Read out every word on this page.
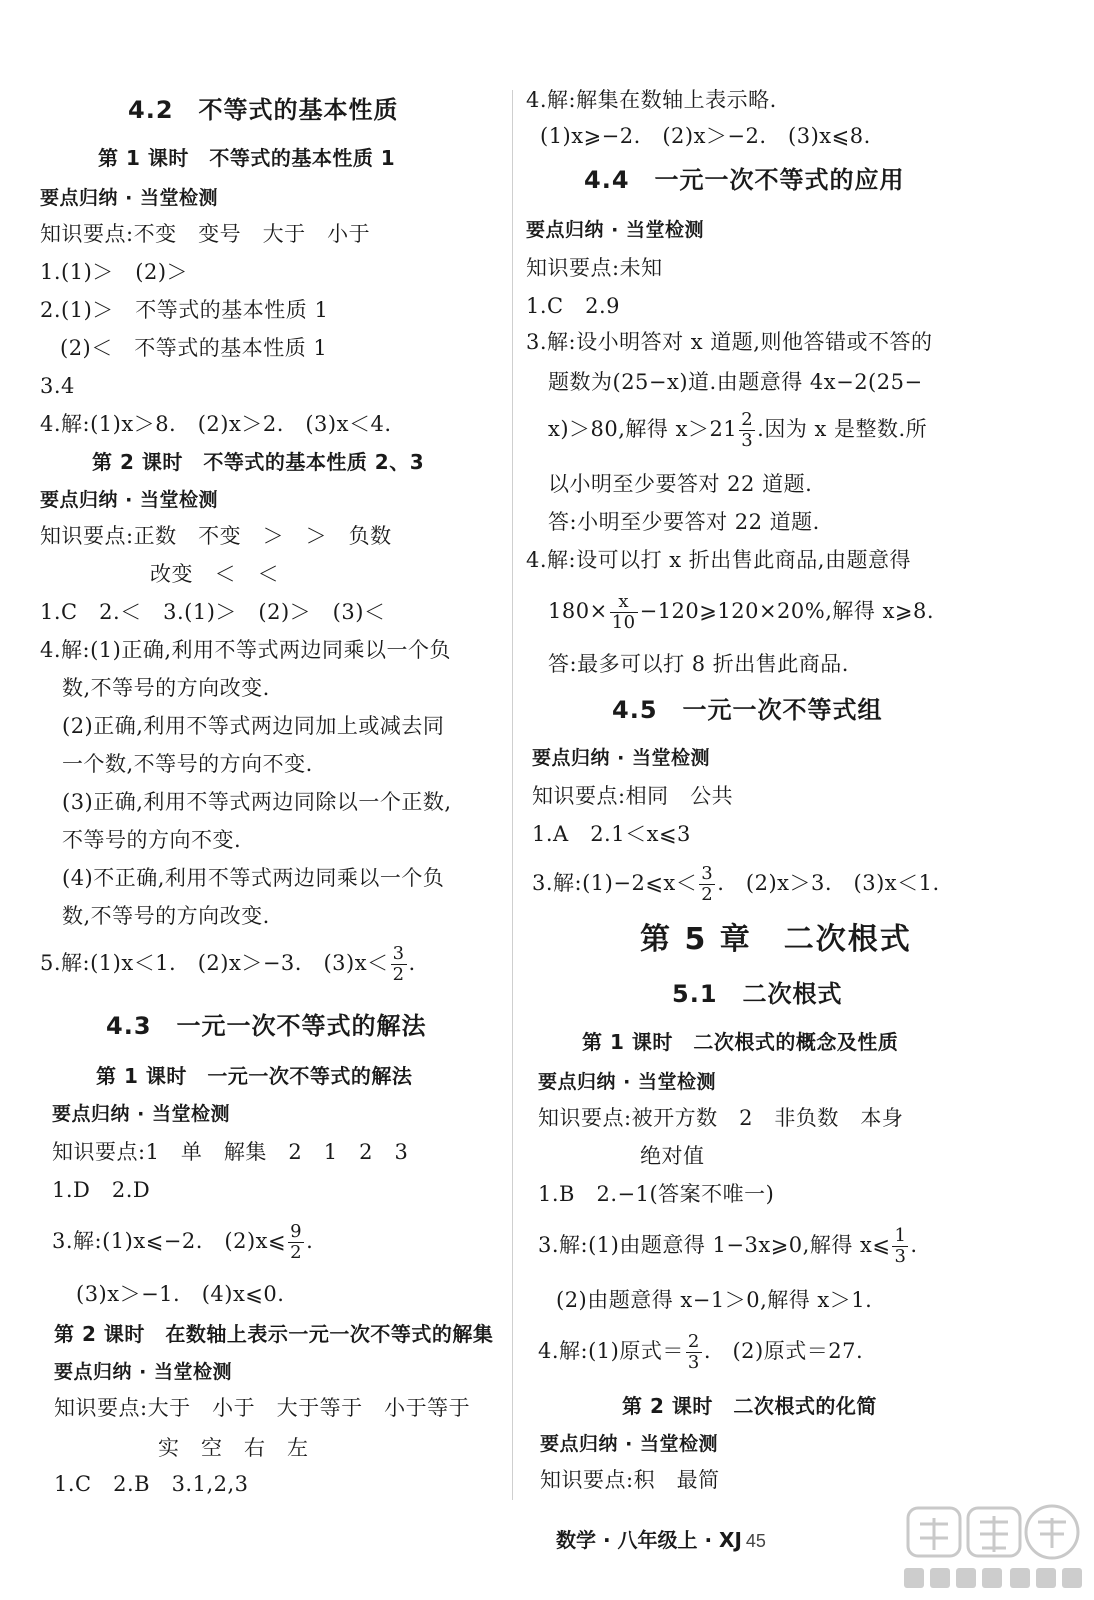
4.2　不等式的基本性质
第 1 课时　不等式的基本性质 1
要点归纳 · 当堂检测
知识要点:不变　变号　大于　小于
1.(1)＞　(2)＞
2.(1)＞　不等式的基本性质 1
(2)＜　不等式的基本性质 1
3.4
4.解:(1)x＞8.　(2)x＞2.　(3)x＜4.
第 2 课时　不等式的基本性质 2、3
要点归纳 · 当堂检测
知识要点:正数　不变　＞　＞　负数
改变　＜　＜
1.C　2.＜　3.(1)＞　(2)＞　(3)＜
4.解:(1)正确,利用不等式两边同乘以一个负
数,不等号的方向改变.
(2)正确,利用不等式两边同加上或减去同
一个数,不等号的方向不变.
(3)正确,利用不等式两边同除以一个正数,
不等号的方向不变.
(4)不正确,利用不等式两边同乘以一个负
数,不等号的方向改变.
5.解:(1)x＜1.　(2)x＞−3.　$(3)x< \frac{3}{2}$ .
4.3　一元一次不等式的解法
第 1 课时　一元一次不等式的解法
要点归纳 · 当堂检测
知识要点:1　单　解集　2　1　2　3
1.D　2.D
3.解:(1)x⩽−2.　(2)x⩽ $\frac{9}{2}$ .
(3)x＞−1.　(4)x⩽0.
第 2 课时　在数轴上表示一元一次不等式的解集
要点归纳 · 当堂检测
知识要点:大于　小于　大于等于　小于等于
实　空　右　左
1.C　2.B　3.1,2,3
4.解:解集在数轴上表示略.
(1)x⩾−2.　(2)x＞−2.　(3)x⩽8.
4.4　一元一次不等式的应用
要点归纳 · 当堂检测
知识要点:未知
1.C　2.9
3.解:设小明答对 x 道题,则他答错或不答的
题数为(25−x)道.由题意得 4x−2(25−
x)＞80,解得 $x>21 \frac{2}{3}$ .因为 x 是整数.所
以小明至少要答对 22 道题.
答:小明至少要答对 22 道题.
4.解:设可以打 x 折出售此商品,由题意得
$180\times \frac{x}{10}$ −120⩾120×20%,解得 x⩾8.
答:最多可以打 8 折出售此商品.
4.5　一元一次不等式组
要点归纳 · 当堂检测
知识要点:相同　公共
1.A　2.1＜x⩽3
3.解:(1)−2⩽x＜ $\frac{3}{2}$ .　(2)x＞3.　(3)x＜1.
第 5 章　二次根式
5.1　二次根式
第 1 课时　二次根式的概念及性质
要点归纳 · 当堂检测
知识要点:被开方数　2　非负数　本身
绝对值
1.B　2.−1(答案不唯一)
3.解:(1)由题意得 1−3x⩾0,解得 x⩽ $\frac{1}{3}$ .
(2)由题意得 x−1＞0,解得 x＞1.
4.解:(1)原式＝ $\frac{2}{3}$ .　(2)原式＝27.
第 2 课时　二次根式的化简
要点归纳 · 当堂检测
知识要点:积　最简
数学 · 八年级上 · XJ 45
